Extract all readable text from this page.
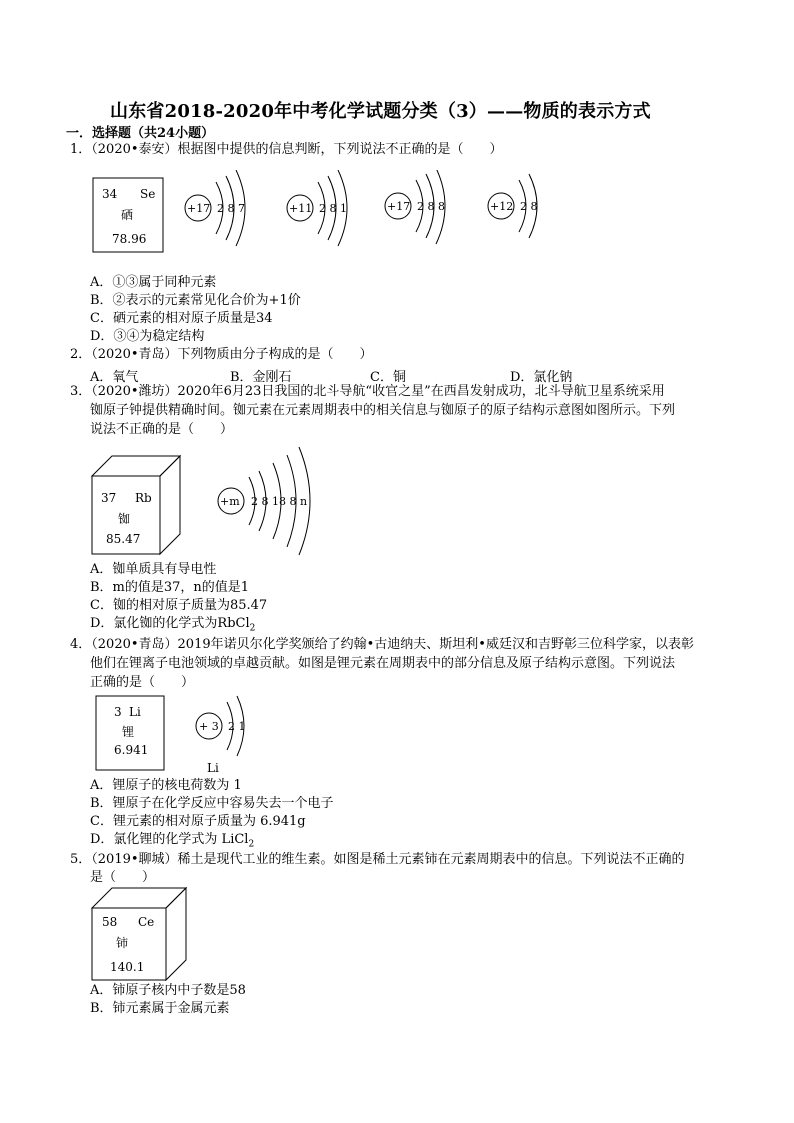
山东省2018-2020年中考化学试题分类（3）——物质的表示方式
一．选择题（共24小题）
1．（2020•泰安）根据图中提供的信息判断，下列说法不正确的是（　　）
34 Se
硒
78.96
+17 2 8 7	+11 2 8 1	+17 2 8 8	+12 2 8
A．①③属于同种元素
B．②表示的元素常见化合价为+1价
C．硒元素的相对原子质量是34
D．③④为稳定结构
2．（2020•青岛）下列物质由分子构成的是（　　）
A．氧气	B．金刚石	C．铜	D．氯化钠
3．（2020•潍坊）2020年6月23日我国的北斗导航“收官之星”在西昌发射成功，北斗导航卫星系统采用
铷原子钟提供精确时间。铷元素在元素周期表中的相关信息与铷原子的原子结构示意图如图所示。下列
说法不正确的是（　　）
37 Rb
铷
85.47
+m 2 8 18 8 n
A．铷单质具有导电性
B．m的值是37，n的值是1
C．铷的相对原子质量为85.47
D．氯化铷的化学式为RbCl$_2$
4．（2020•青岛）2019年诺贝尔化学奖颁给了约翰•古迪纳夫、斯坦利•威廷汉和吉野彰三位科学家，以表彰
他们在锂离子电池领域的卓越贡献。如图是锂元素在周期表中的部分信息及原子结构示意图。下列说法
正确的是（　　）
3 Li
锂
6.941
+ 3 2 1
Li
A．锂原子的核电荷数为 1
B．锂原子在化学反应中容易失去一个电子
C．锂元素的相对原子质量为 6.941g
D．氯化锂的化学式为 LiCl$_2$
5．（2019•聊城）稀土是现代工业的维生素。如图是稀土元素铈在元素周期表中的信息。下列说法不正确的
是（　　）
58 Ce
铈
140.1
A．铈原子核内中子数是58
B．铈元素属于金属元素
